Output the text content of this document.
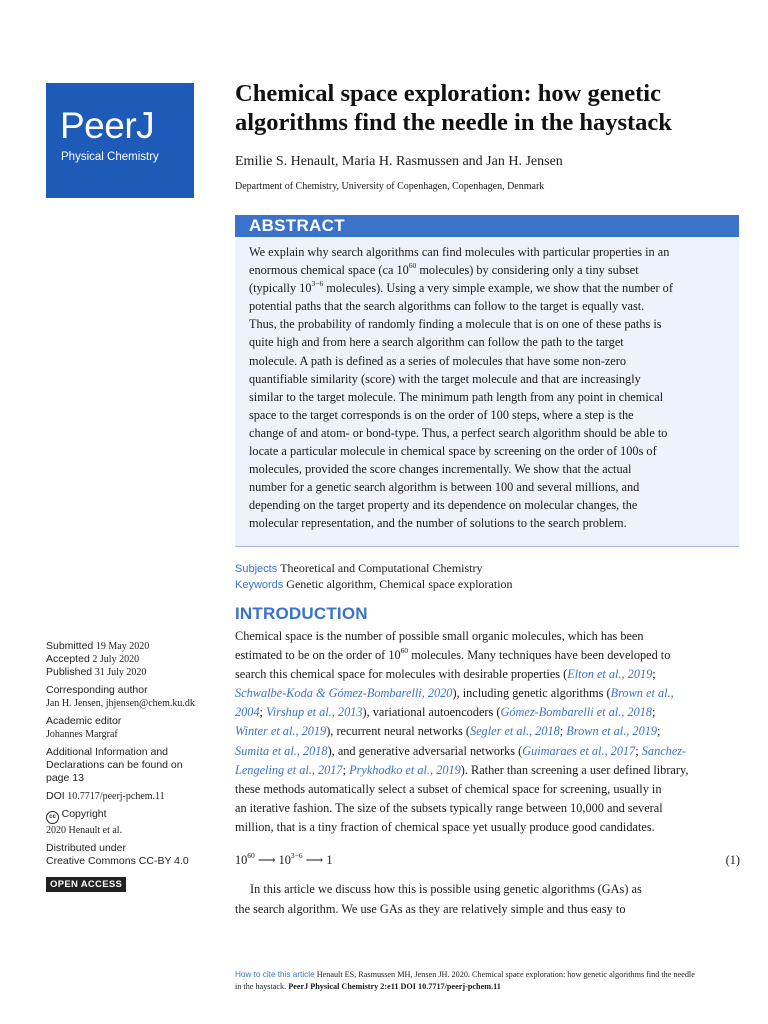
PeerJ
Physical Chemistry
Chemical space exploration: how genetic
algorithms find the needle in the haystack
Emilie S. Henault, Maria H. Rasmussen and Jan H. Jensen
Department of Chemistry, University of Copenhagen, Copenhagen, Denmark
ABSTRACT
We explain why search algorithms can find molecules with particular properties in an
enormous chemical space (ca $10^{60}$ molecules) by considering only a tiny subset
(typically $10^{3-6}$ molecules). Using a very simple example, we show that the number of
potential paths that the search algorithms can follow to the target is equally vast.
Thus, the probability of randomly finding a molecule that is on one of these paths is
quite high and from here a search algorithm can follow the path to the target
molecule. A path is defined as a series of molecules that have some non-zero
quantifiable similarity (score) with the target molecule and that are increasingly
similar to the target molecule. The minimum path length from any point in chemical
space to the target corresponds is on the order of 100 steps, where a step is the
change of and atom- or bond-type. Thus, a perfect search algorithm should be able to
locate a particular molecule in chemical space by screening on the order of 100s of
molecules, provided the score changes incrementally. We show that the actual
number for a genetic search algorithm is between 100 and several millions, and
depending on the target property and its dependence on molecular changes, the
molecular representation, and the number of solutions to the search problem.
Subjects Theoretical and Computational Chemistry
Keywords Genetic algorithm, Chemical space exploration
INTRODUCTION
Chemical space is the number of possible small organic molecules, which has been
estimated to be on the order of $10^{60}$ molecules. Many techniques have been developed to
search this chemical space for molecules with desirable properties (Elton et al., 2019;
Schwalbe-Koda & Gómez-Bombarelli, 2020), including genetic algorithms (Brown et al.,
2004; Virshup et al., 2013), variational autoencoders (Gómez-Bombarelli et al., 2018;
Winter et al., 2019), recurrent neural networks (Segler et al., 2018; Brown et al., 2019;
Sumita et al., 2018), and generative adversarial networks (Guimaraes et al., 2017; Sanchez-
Lengeling et al., 2017; Prykhodko et al., 2019). Rather than screening a user defined library,
these methods automatically select a subset of chemical space for screening, usually in
an iterative fashion. The size of the subsets typically range between 10,000 and several
million, that is a tiny fraction of chemical space yet usually produce good candidates.
$10^{60}$ ⟶ $10^{3-6}$ ⟶ 1	(1)
In this article we discuss how this is possible using genetic algorithms (GAs) as
the search algorithm. We use GAs as they are relatively simple and thus easy to
Submitted 19 May 2020
Accepted 2 July 2020
Published 31 July 2020
Corresponding author
Jan H. Jensen, jhjensen@chem.ku.dk
Academic editor
Johannes Margraf
Additional Information and
Declarations can be found on
page 13
DOI 10.7717/peerj-pchem.11
cc Copyright
2020 Henault et al.
Distributed under
Creative Commons CC-BY 4.0
OPEN ACCESS
How to cite this article Henault ES, Rasmussen MH, Jensen JH. 2020. Chemical space exploration: how genetic algorithms find the needle
in the haystack. PeerJ Physical Chemistry 2:e11 DOI 10.7717/peerj-pchem.11
